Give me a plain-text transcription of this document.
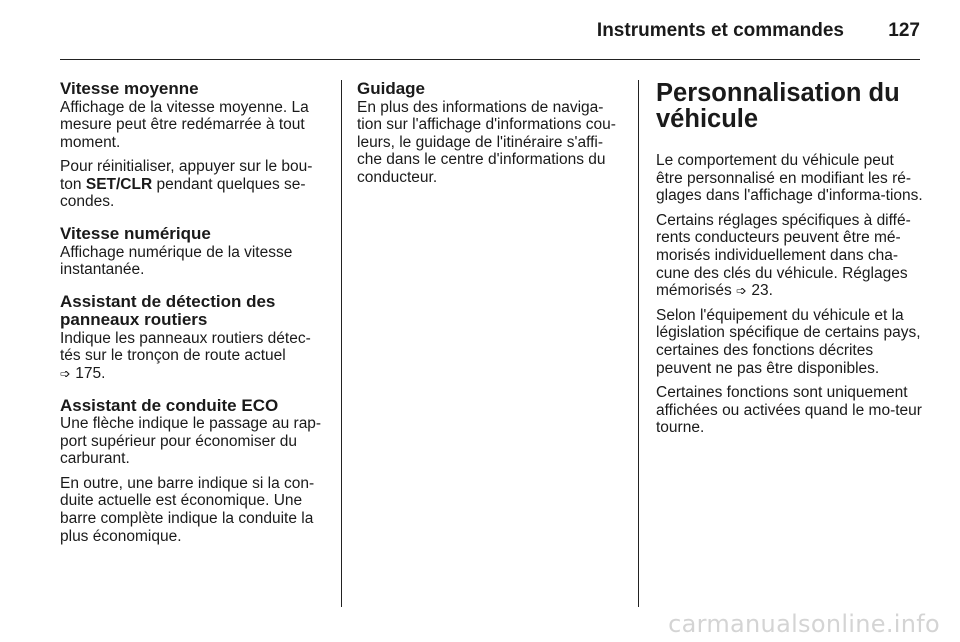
Instruments et commandes 127

Vitesse moyenne

Affichage de la vitesse moyenne. La mesure peut être redémarrée à tout moment.

Pour réinitialiser, appuyer sur le bou-ton SET/CLR pendant quelques se-condes.

Vitesse numérique

Affichage numérique de la vitesse instantanée.

Assistant de détection des panneaux routiers

Indique les panneaux routiers détec-tés sur le tronçon de route actuel
➩ 175.

Assistant de conduite ECO

Une flèche indique le passage au rap-port supérieur pour économiser du carburant.

En outre, une barre indique si la con-duite actuelle est économique. Une barre complète indique la conduite la plus économique.

Guidage

En plus des informations de naviga-tion sur l'affichage d'informations cou-leurs, le guidage de l'itinéraire s'affi-che dans le centre d'informations du conducteur.

Personnalisation du véhicule

Le comportement du véhicule peut être personnalisé en modifiant les ré-glages dans l'affichage d'informa-tions.

Certains réglages spécifiques à diffé-rents conducteurs peuvent être mé-morisés individuellement dans cha-cune des clés du véhicule. Réglages mémorisés ➩ 23.

Selon l'équipement du véhicule et la législation spécifique de certains pays, certaines des fonctions décrites peuvent ne pas être disponibles.

Certaines fonctions sont uniquement affichées ou activées quand le mo-teur tourne.

carmanualsonline.info
